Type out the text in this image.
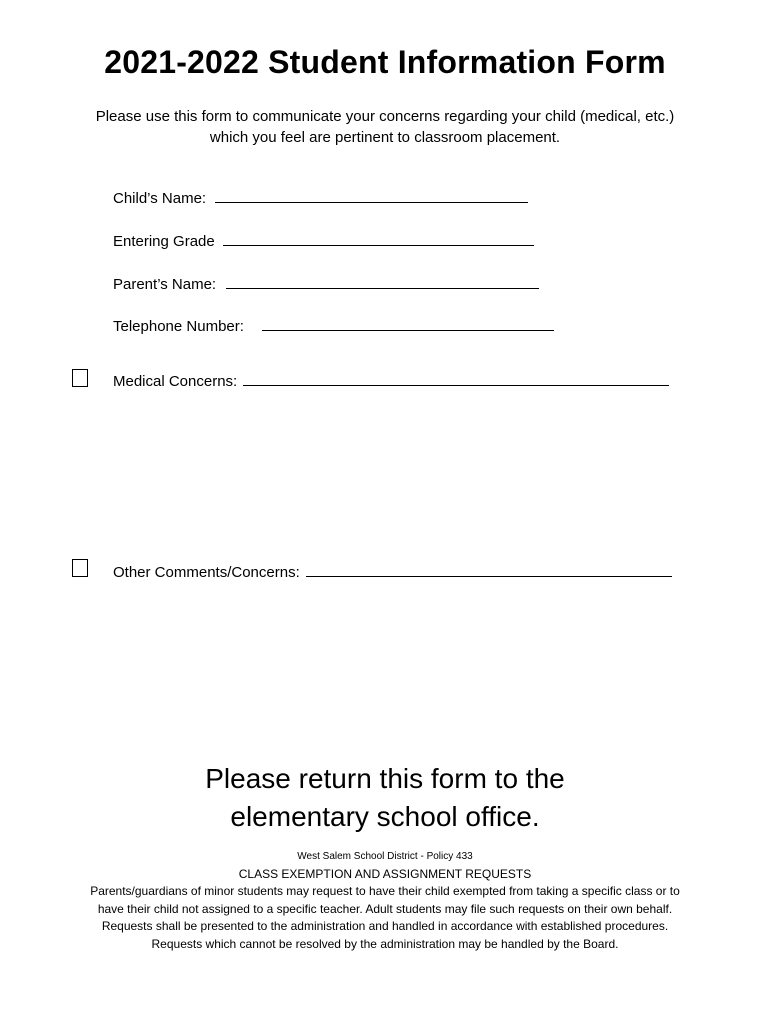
2021-2022 Student Information Form
Please use this form to communicate your concerns regarding your child (medical, etc.)
which you feel are pertinent to classroom placement.
Child’s Name:
Entering Grade
Parent’s Name:
Telephone Number:
Medical Concerns:
Other Comments/Concerns:
Please return this form to the
elementary school office.
West Salem School District - Policy 433
CLASS EXEMPTION AND ASSIGNMENT REQUESTS
Parents/guardians of minor students may request to have their child exempted from taking a specific class or to
have their child not assigned to a specific teacher. Adult students may file such requests on their own behalf.
Requests shall be presented to the administration and handled in accordance with established procedures.
Requests which cannot be resolved by the administration may be handled by the Board.
